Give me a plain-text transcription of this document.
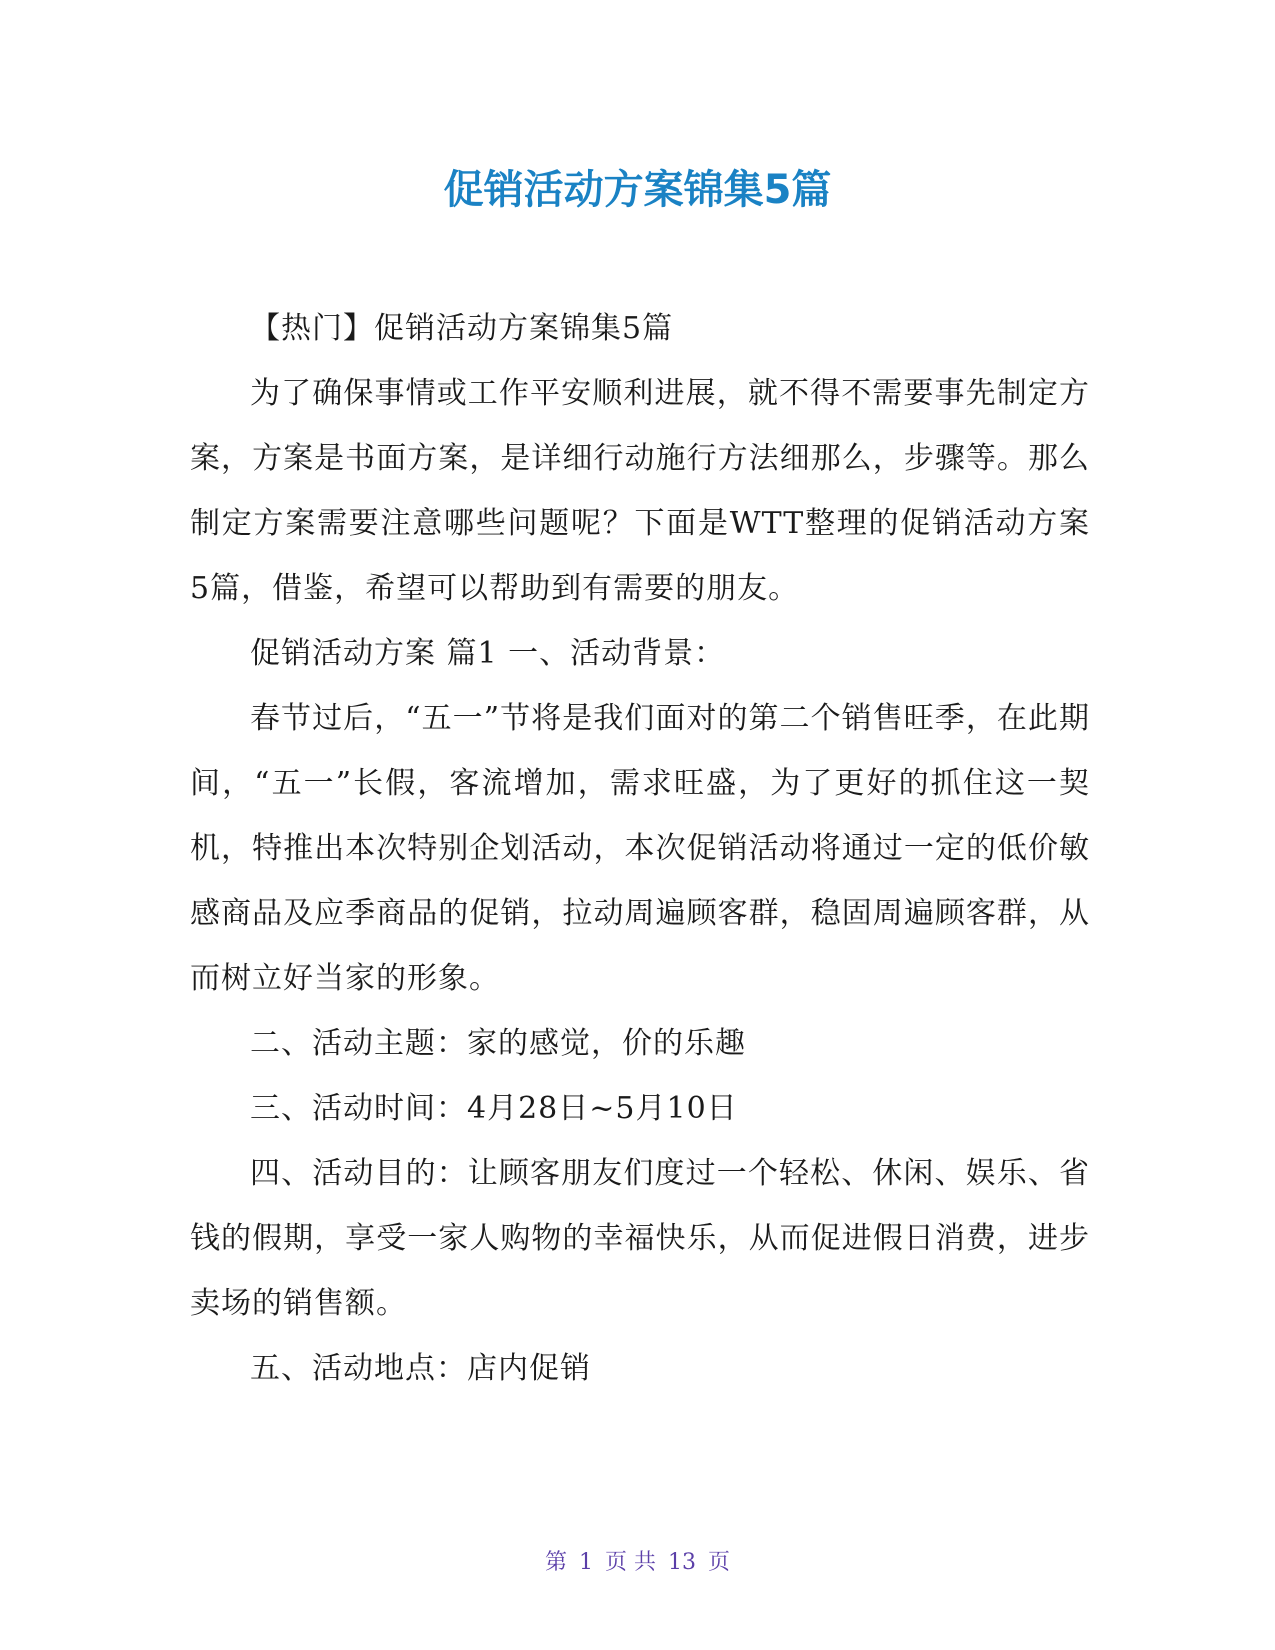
促销活动方案锦集5篇

【热门】促销活动方案锦集5篇

为了确保事情或工作平安顺利进展，就不得不需要事先制定方案，方案是书面方案，是详细行动施行方法细那么，步骤等。那么制定方案需要注意哪些问题呢？下面是WTT整理的促销活动方案5篇，借鉴，希望可以帮助到有需要的朋友。

促销活动方案 篇1 一、活动背景：

春节过后，“五一”节将是我们面对的第二个销售旺季，在此期间，“五一”长假，客流增加，需求旺盛，为了更好的抓住这一契机，特推出本次特别企划活动，本次促销活动将通过一定的低价敏感商品及应季商品的促销，拉动周遍顾客群，稳固周遍顾客群，从而树立好当家的形象。

二、活动主题：家的感觉，价的乐趣

三、活动时间：4月28日~5月10日

四、活动目的：让顾客朋友们度过一个轻松、休闲、娱乐、省钱的假期，享受一家人购物的幸福快乐，从而促进假日消费，进步卖场的销售额。

五、活动地点：店内促销

第 1 页 共 13 页
